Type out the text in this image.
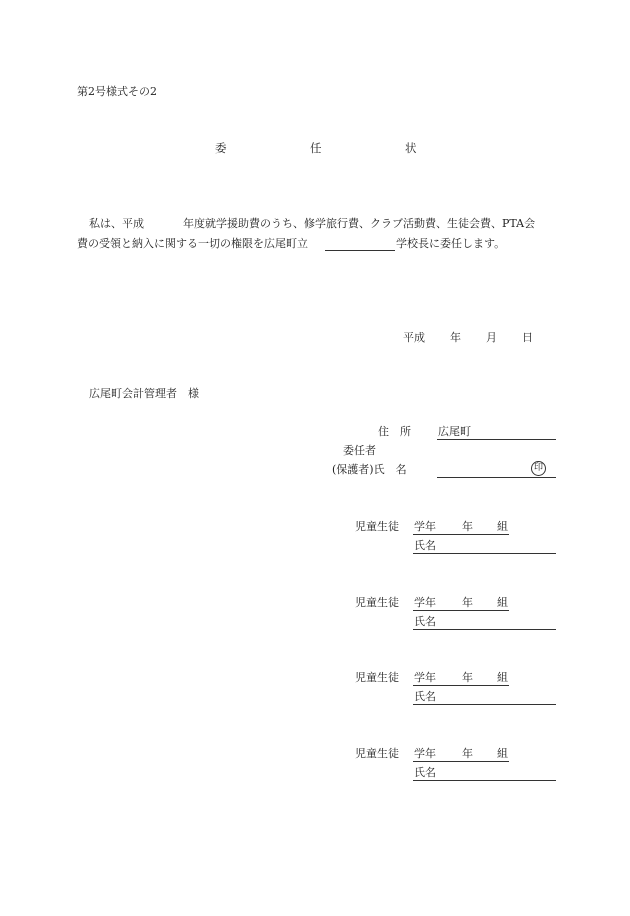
第2号様式その2
委	任	状
私は、平成	年度就学援助費のうち、修学旅行費、クラブ活動費、生徒会費、PTA会
費の受領と納入に関する一切の権限を広尾町立	学校長に委任します。
平成 年 月 日
広尾町会計管理者　様
住　所 広尾町
委任者
(保護者)氏　名	印
児童生徒 学年 年 組
氏名
児童生徒 学年 年 組
氏名
児童生徒 学年 年 組
氏名
児童生徒 学年 年 組
氏名
